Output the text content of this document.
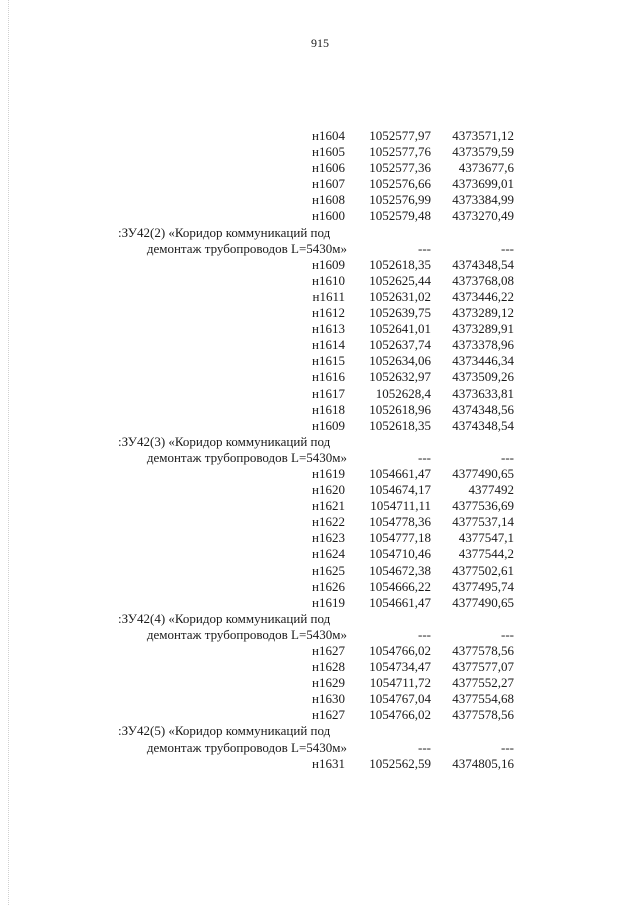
915
н1604 1052577,97 4373571,12
н1605 1052577,76 4373579,59
н1606 1052577,36 4373677,6
н1607 1052576,66 4373699,01
н1608 1052576,99 4373384,99
н1600 1052579,48 4373270,49
:ЗУ42(2) «Коридор коммуникаций под
демонтаж трубопроводов L=5430м»	---	---
н1609 1052618,35 4374348,54
н1610 1052625,44 4373768,08
н1611 1052631,02 4373446,22
н1612 1052639,75 4373289,12
н1613 1052641,01 4373289,91
н1614 1052637,74 4373378,96
н1615 1052634,06 4373446,34
н1616 1052632,97 4373509,26
н1617 1052628,4 4373633,81
н1618 1052618,96 4374348,56
н1609 1052618,35 4374348,54
:ЗУ42(3) «Коридор коммуникаций под
демонтаж трубопроводов L=5430м»	---	---
н1619 1054661,47 4377490,65
н1620 1054674,17	4377492
н1621 1054711,11 4377536,69
н1622 1054778,36 4377537,14
н1623 1054777,18 4377547,1
н1624 1054710,46 4377544,2
н1625 1054672,38 4377502,61
н1626 1054666,22 4377495,74
н1619 1054661,47 4377490,65
:ЗУ42(4) «Коридор коммуникаций под
демонтаж трубопроводов L=5430м»	---	---
н1627 1054766,02 4377578,56
н1628 1054734,47 4377577,07
н1629 1054711,72 4377552,27
н1630 1054767,04 4377554,68
н1627 1054766,02 4377578,56
:ЗУ42(5) «Коридор коммуникаций под
демонтаж трубопроводов L=5430м»	---	---
н1631 1052562,59 4374805,16
